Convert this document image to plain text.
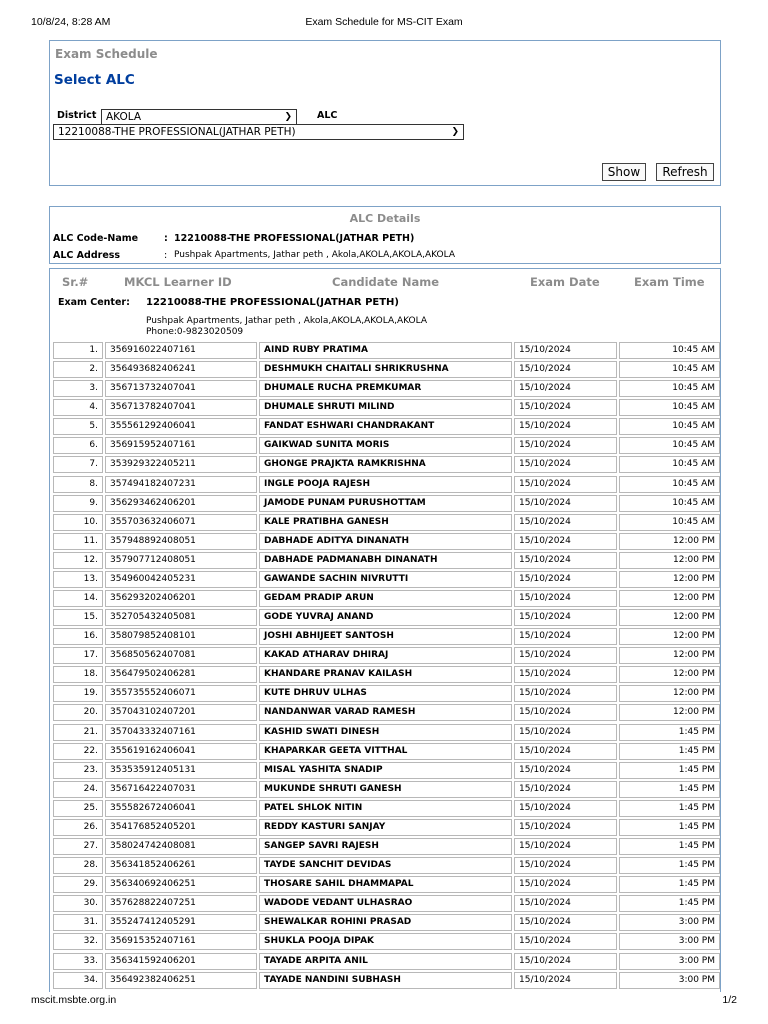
10/8/24, 8:28 AM	Exam Schedule for MS-CIT Exam
Exam Schedule
Select ALC
District AKOLA	❯	ALC
12210088-THE PROFESSIONAL(JATHAR PETH)	❯
Show	Refresh
ALC Details
ALC Code-Name	: 12210088-THE PROFESSIONAL(JATHAR PETH)
ALC Address	: Pushpak Apartments, Jathar peth , Akola,AKOLA,AKOLA,AKOLA
Sr.#	MKCL Learner ID	Candidate Name	Exam Date	Exam Time
Exam Center: 12210088-THE PROFESSIONAL(JATHAR PETH)
Pushpak Apartments, Jathar peth , Akola,AKOLA,AKOLA,AKOLA
Phone:0-9823020509
1.	356916022407161	AIND RUBY PRATIMA	15/10/2024	10:45 AM
2.	356493682406241	DESHMUKH CHAITALI SHRIKRUSHNA	15/10/2024	10:45 AM
3.	356713732407041	DHUMALE RUCHA PREMKUMAR	15/10/2024	10:45 AM
4.	356713782407041	DHUMALE SHRUTI MILIND	15/10/2024	10:45 AM
5.	355561292406041	FANDAT ESHWARI CHANDRAKANT	15/10/2024	10:45 AM
6.	356915952407161	GAIKWAD SUNITA MORIS	15/10/2024	10:45 AM
7.	353929322405211	GHONGE PRAJKTA RAMKRISHNA	15/10/2024	10:45 AM
8.	357494182407231	INGLE POOJA RAJESH	15/10/2024	10:45 AM
9.	356293462406201	JAMODE PUNAM PURUSHOTTAM	15/10/2024	10:45 AM
10.	355703632406071	KALE PRATIBHA GANESH	15/10/2024	10:45 AM
11.	357948892408051	DABHADE ADITYA DINANATH	15/10/2024	12:00 PM
12.	357907712408051	DABHADE PADMANABH DINANATH	15/10/2024	12:00 PM
13.	354960042405231	GAWANDE SACHIN NIVRUTTI	15/10/2024	12:00 PM
14.	356293202406201	GEDAM PRADIP ARUN	15/10/2024	12:00 PM
15.	352705432405081	GODE YUVRAJ ANAND	15/10/2024	12:00 PM
16.	358079852408101	JOSHI ABHIJEET SANTOSH	15/10/2024	12:00 PM
17.	356850562407081	KAKAD ATHARAV DHIRAJ	15/10/2024	12:00 PM
18.	356479502406281	KHANDARE PRANAV KAILASH	15/10/2024	12:00 PM
19.	355735552406071	KUTE DHRUV ULHAS	15/10/2024	12:00 PM
20.	357043102407201	NANDANWAR VARAD RAMESH	15/10/2024	12:00 PM
21.	357043332407161	KASHID SWATI DINESH	15/10/2024	1:45 PM
22.	355619162406041	KHAPARKAR GEETA VITTHAL	15/10/2024	1:45 PM
23.	353535912405131	MISAL YASHITA SNADIP	15/10/2024	1:45 PM
24.	356716422407031	MUKUNDE SHRUTI GANESH	15/10/2024	1:45 PM
25.	355582672406041	PATEL SHLOK NITIN	15/10/2024	1:45 PM
26.	354176852405201	REDDY KASTURI SANJAY	15/10/2024	1:45 PM
27.	358024742408081	SANGEP SAVRI RAJESH	15/10/2024	1:45 PM
28.	356341852406261	TAYDE SANCHIT DEVIDAS	15/10/2024	1:45 PM
29.	356340692406251	THOSARE SAHIL DHAMMAPAL	15/10/2024	1:45 PM
30.	357628822407251	WADODE VEDANT ULHASRAO	15/10/2024	1:45 PM
31.	355247412405291	SHEWALKAR ROHINI PRASAD	15/10/2024	3:00 PM
32.	356915352407161	SHUKLA POOJA DIPAK	15/10/2024	3:00 PM
33.	356341592406201	TAYADE ARPITA ANIL	15/10/2024	3:00 PM
34.	356492382406251	TAYADE NANDINI SUBHASH	15/10/2024	3:00 PM
mscit.msbte.org.in	1/2
